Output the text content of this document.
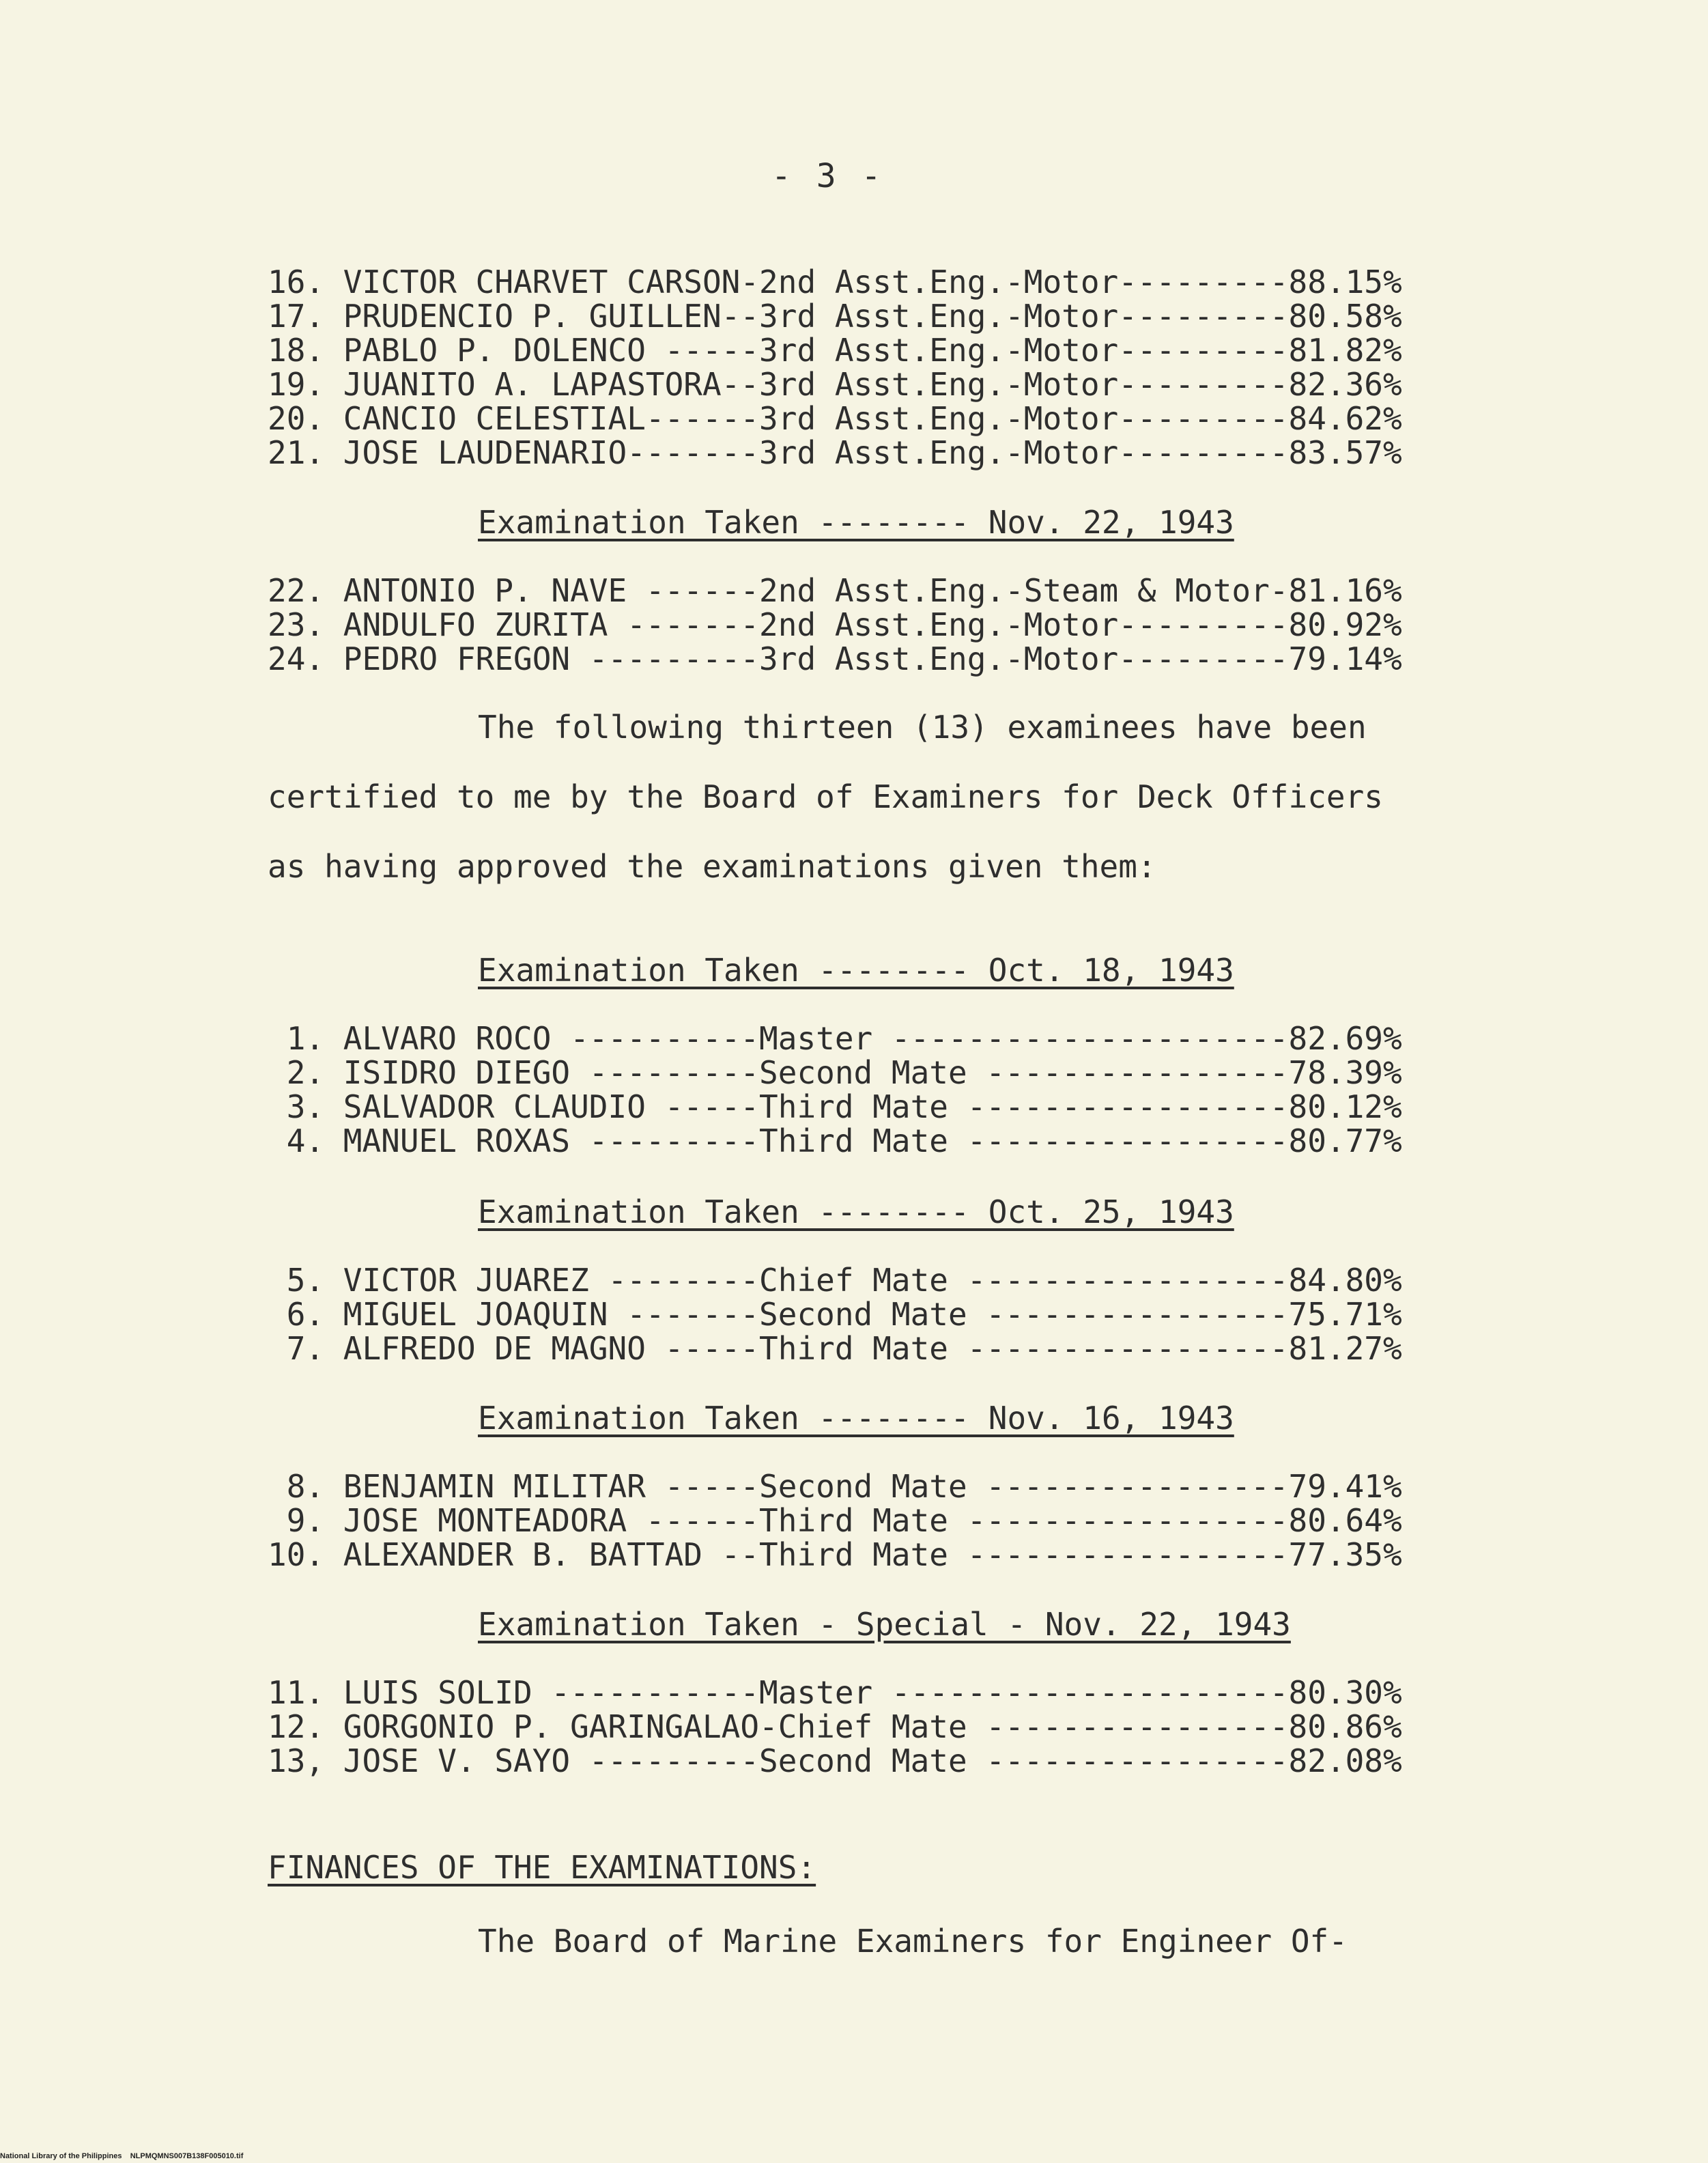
- 3 -
16. VICTOR CHARVET CARSON-2nd Asst.Eng.-Motor---------88.15%
17. PRUDENCIO P. GUILLEN--3rd Asst.Eng.-Motor---------80.58%
18. PABLO P. DOLENCO -----3rd Asst.Eng.-Motor---------81.82%
19. JUANITO A. LAPASTORA--3rd Asst.Eng.-Motor---------82.36%
20. CANCIO CELESTIAL------3rd Asst.Eng.-Motor---------84.62%
21. JOSE LAUDENARIO-------3rd Asst.Eng.-Motor---------83.57%
Examination Taken -------- Nov. 22, 1943
22. ANTONIO P. NAVE ------2nd Asst.Eng.-Steam & Motor-81.16%
23. ANDULFO ZURITA -------2nd Asst.Eng.-Motor---------80.92%
24. PEDRO FREGON ---------3rd Asst.Eng.-Motor---------79.14%
The following thirteen (13) examinees have been
certified to me by the Board of Examiners for Deck Officers
as having approved the examinations given them:
Examination Taken -------- Oct. 18, 1943
1. ALVARO ROCO ----------Master ---------------------82.69%
2. ISIDRO DIEGO ---------Second Mate ----------------78.39%
3. SALVADOR CLAUDIO -----Third Mate -----------------80.12%
4. MANUEL ROXAS ---------Third Mate -----------------80.77%
Examination Taken -------- Oct. 25, 1943
5. VICTOR JUAREZ --------Chief Mate -----------------84.80%
6. MIGUEL JOAQUIN -------Second Mate ----------------75.71%
7. ALFREDO DE MAGNO -----Third Mate -----------------81.27%
Examination Taken -------- Nov. 16, 1943
8. BENJAMIN MILITAR -----Second Mate ----------------79.41%
9. JOSE MONTEADORA ------Third Mate -----------------80.64%
10. ALEXANDER B. BATTAD --Third Mate -----------------77.35%
Examination Taken - Special - Nov. 22, 1943
11. LUIS SOLID -----------Master ---------------------80.30%
12. GORGONIO P. GARINGALAO-Chief Mate ----------------80.86%
13, JOSE V. SAYO ---------Second Mate ----------------82.08%
FINANCES OF THE EXAMINATIONS:
The Board of Marine Examiners for Engineer Of-
National Library of the Philippines    NLPMQMNS007B138F005010.tif
